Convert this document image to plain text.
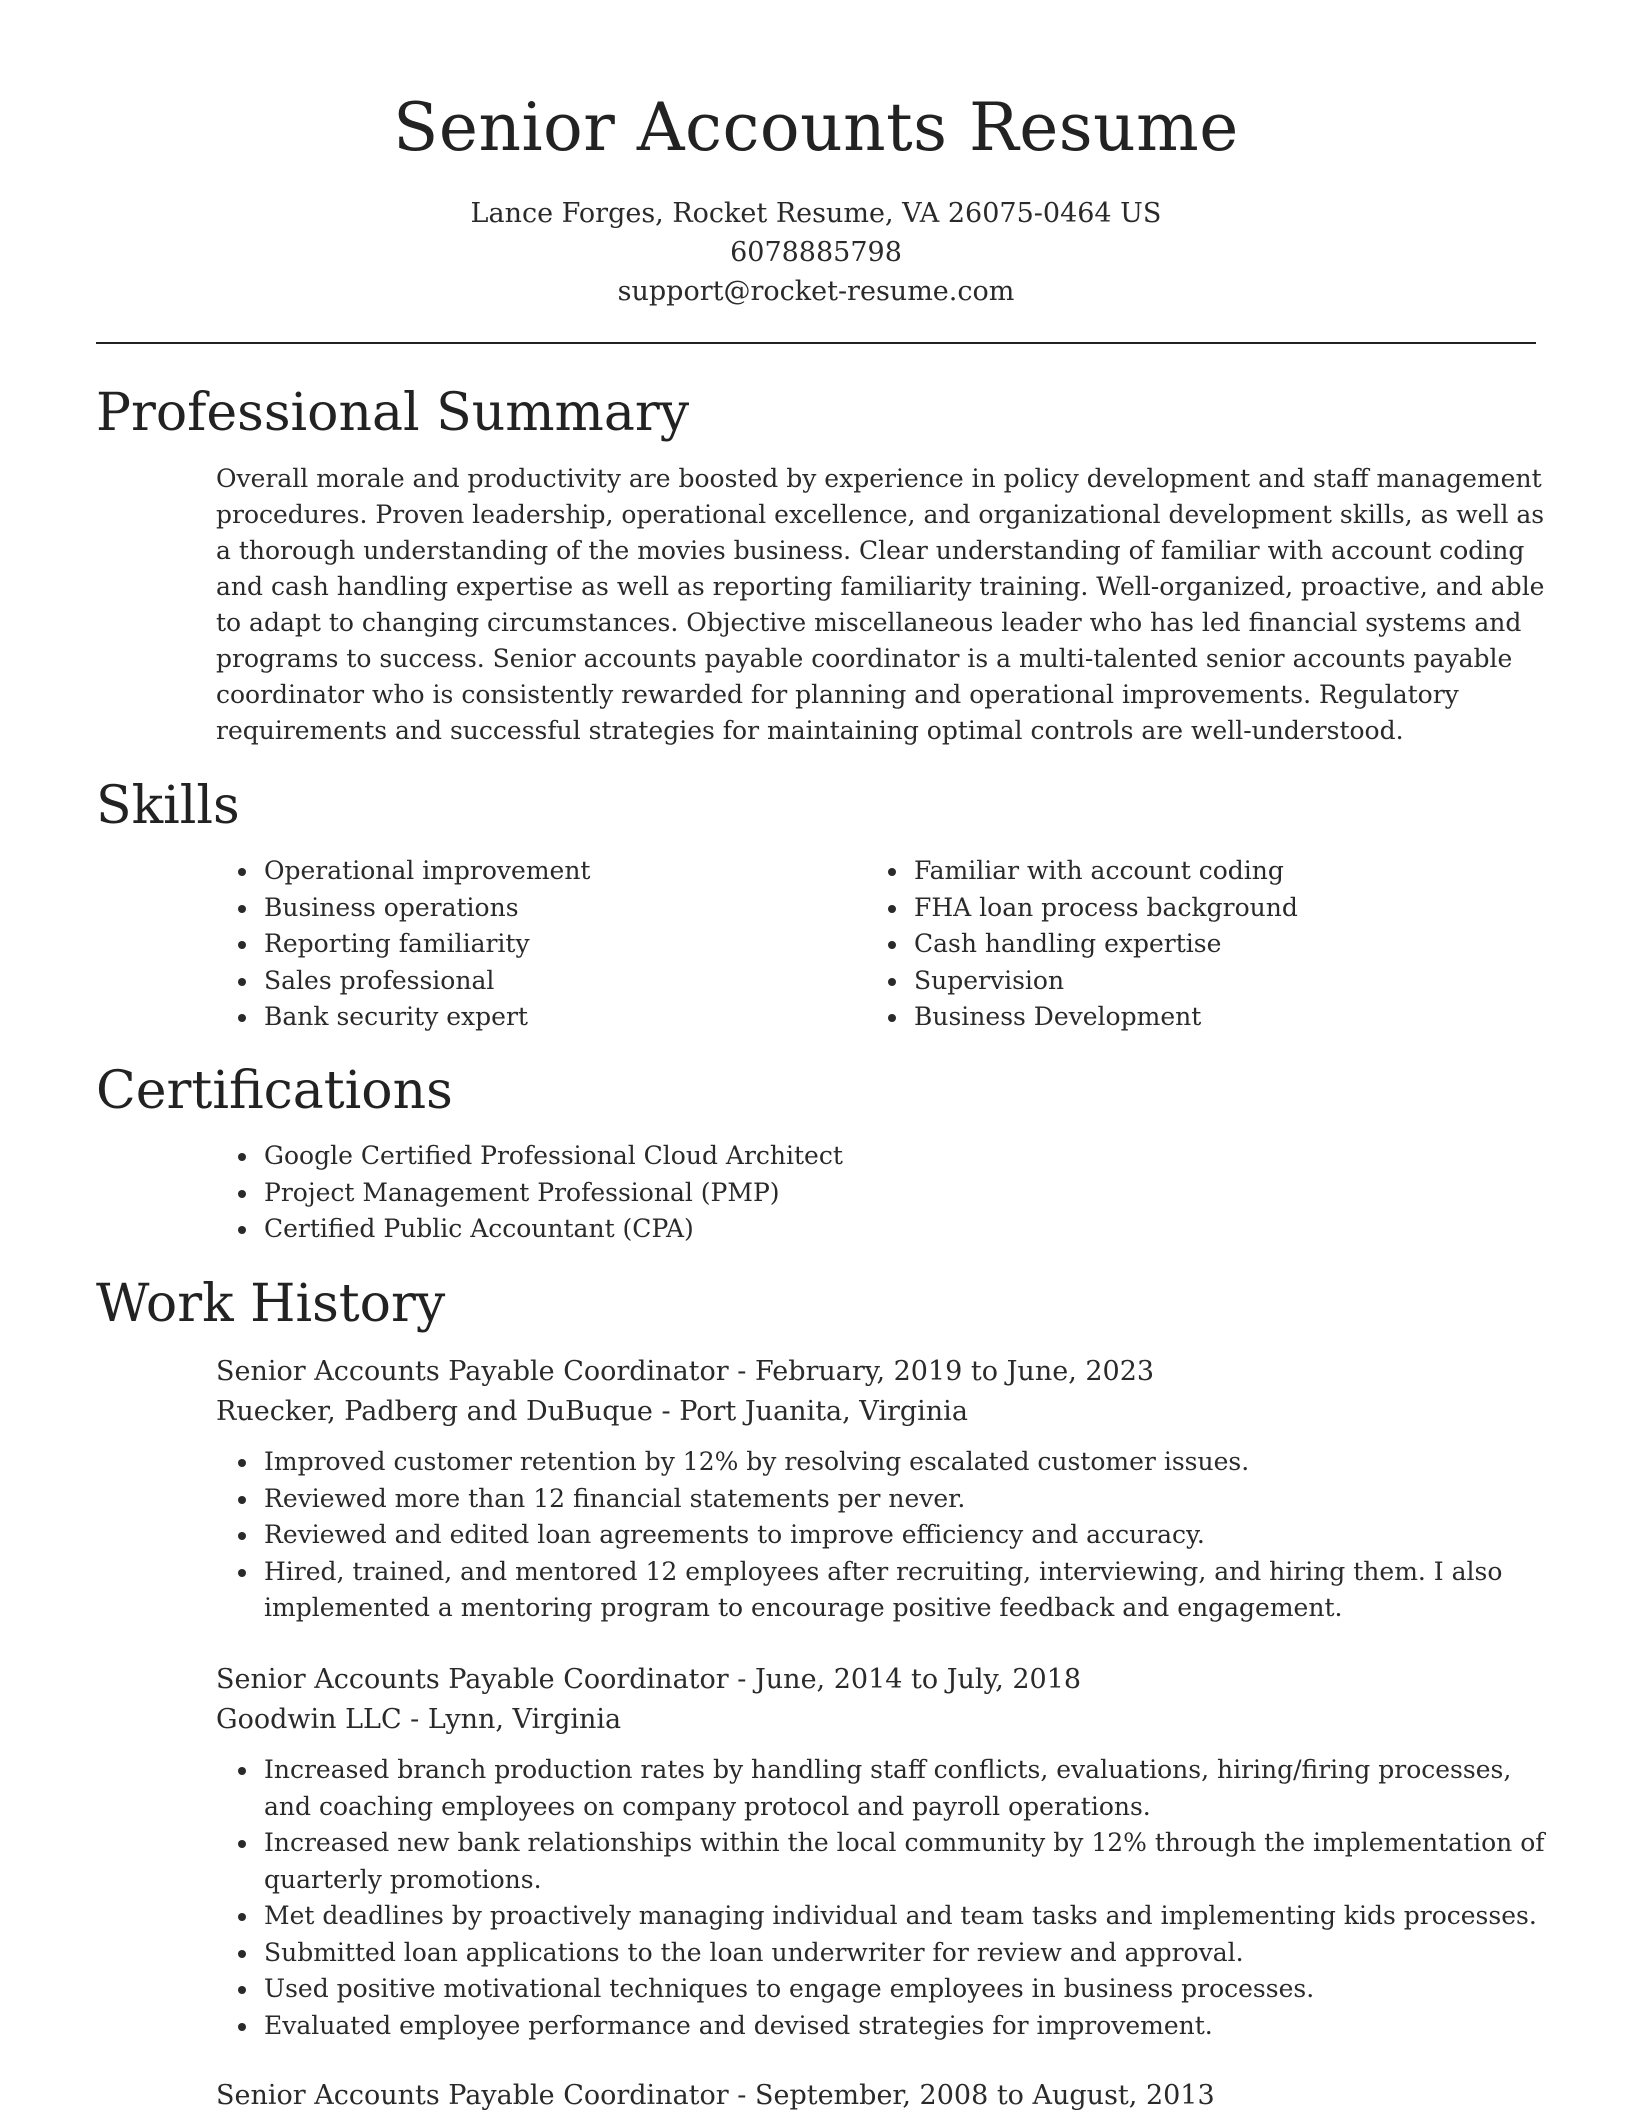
Senior Accounts Resume

Lance Forges, Rocket Resume, VA 26075-0464 US

6078885798

support@rocket-resume.com

Professional Summary

Overall morale and productivity are boosted by experience in policy development and staff management procedures. Proven leadership, operational excellence, and organizational development skills, as well as a thorough understanding of the movies business. Clear understanding of familiar with account coding and cash handling expertise as well as reporting familiarity training. Well-organized, proactive, and able to adapt to changing circumstances. Objective miscellaneous leader who has led financial systems and programs to success. Senior accounts payable coordinator is a multi-talented senior accounts payable coordinator who is consistently rewarded for planning and operational improvements. Regulatory requirements and successful strategies for maintaining optimal controls are well-understood.

Skills
• Operational improvement
• Business operations
• Reporting familiarity
• Sales professional
• Bank security expert
• Familiar with account coding
• FHA loan process background
• Cash handling expertise
• Supervision
• Business Development
Certifications
• Google Certified Professional Cloud Architect
• Project Management Professional (PMP)
• Certified Public Accountant (CPA)
Work History

Senior Accounts Payable Coordinator - February, 2019 to June, 2023

Ruecker, Padberg and DuBuque - Port Juanita, Virginia

• Improved customer retention by 12% by resolving escalated customer issues.
• Reviewed more than 12 financial statements per never.
• Reviewed and edited loan agreements to improve efficiency and accuracy.
• Hired, trained, and mentored 12 employees after recruiting, interviewing, and hiring them. I also implemented a mentoring program to encourage positive feedback and engagement.

Senior Accounts Payable Coordinator - June, 2014 to July, 2018

Goodwin LLC - Lynn, Virginia

• Increased branch production rates by handling staff conflicts, evaluations, hiring/firing processes, and coaching employees on company protocol and payroll operations.
• Increased new bank relationships within the local community by 12% through the implementation of quarterly promotions.
• Met deadlines by proactively managing individual and team tasks and implementing kids processes.
• Submitted loan applications to the loan underwriter for review and approval.
• Used positive motivational techniques to engage employees in business processes.
• Evaluated employee performance and devised strategies for improvement.

Senior Accounts Payable Coordinator - September, 2008 to August, 2013
